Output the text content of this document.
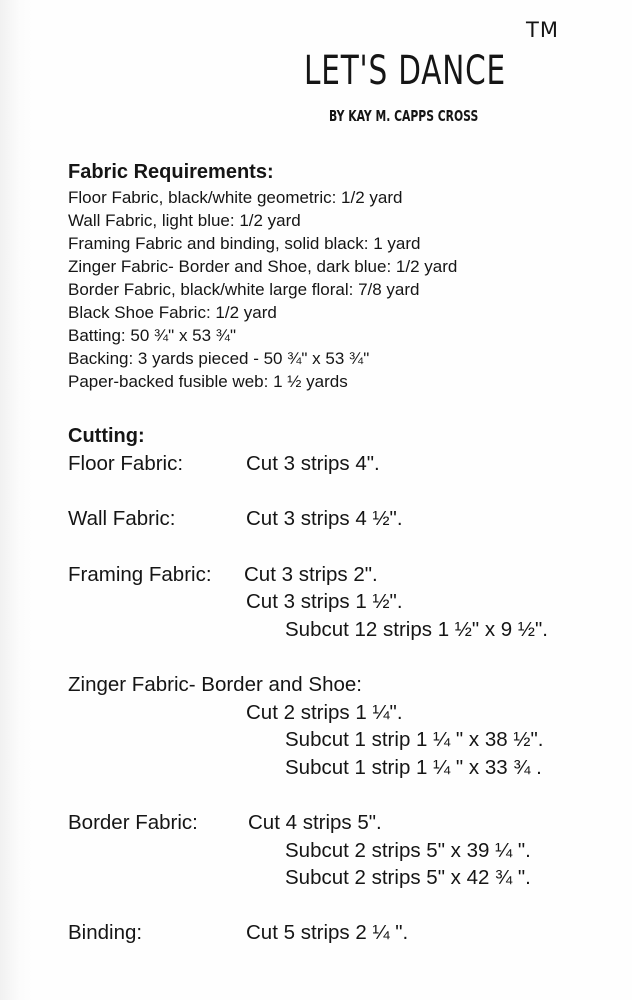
TM
LET'S DANCE
BY KAY M. CAPPS CROSS
Fabric Requirements:
Floor Fabric, black/white geometric: 1/2 yard
Wall Fabric, light blue: 1/2 yard
Framing Fabric and binding, solid black: 1 yard
Zinger Fabric- Border and Shoe, dark blue: 1/2 yard
Border Fabric, black/white large floral: 7/8 yard
Black Shoe Fabric: 1/2 yard
Batting: 50 ¾" x 53 ¾"
Backing: 3 yards pieced - 50 ¾" x 53 ¾"
Paper-backed fusible web: 1 ½ yards
Cutting:
Floor Fabric:	Cut 3 strips 4".
Wall Fabric:	Cut 3 strips 4 ½".
Framing Fabric: Cut 3 strips 2".
Cut 3 strips 1 ½".
Subcut 12 strips 1 ½" x 9 ½".
Zinger Fabric- Border and Shoe:
Cut 2 strips 1 ¼".
Subcut 1 strip 1 ¼ " x 38 ½".
Subcut 1 strip 1 ¼ " x 33 ¾ .
Border Fabric: Cut 4 strips 5".
Subcut 2 strips 5" x 39 ¼ ".
Subcut 2 strips 5" x 42 ¾ ".
Binding:	Cut 5 strips 2 ¼ ".
